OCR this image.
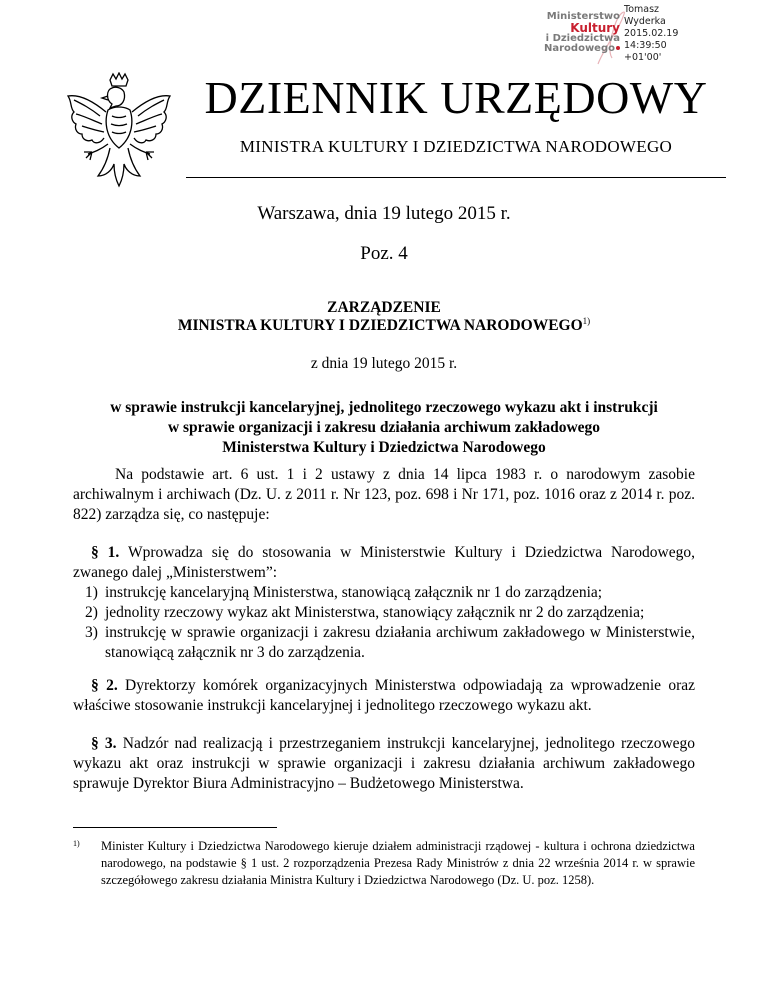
Ministerstwo
Kultury
i Dziedzictwa
Narodowego
Tomasz
Wyderka
2015.02.19
14:39:50
+01'00'
DZIENNIK URZĘDOWY
MINISTRA KULTURY I DZIEDZICTWA NARODOWEGO
Warszawa, dnia 19 lutego 2015 r.
Poz. 4
ZARZĄDZENIE
MINISTRA KULTURY I DZIEDZICTWA NARODOWEGO$^{1)}$
z dnia 19 lutego 2015 r.
w sprawie instrukcji kancelaryjnej, jednolitego rzeczowego wykazu akt i instrukcji
w sprawie organizacji i zakresu działania archiwum zakładowego
Ministerstwa Kultury i Dziedzictwa Narodowego
Na podstawie art. 6 ust. 1 i 2 ustawy z dnia 14 lipca 1983 r. o narodowym zasobie archiwalnym i archiwach (Dz. U. z 2011 r. Nr 123, poz. 698 i Nr 171, poz. 1016 oraz z 2014 r. poz. 822) zarządza się, co następuje:
§ 1. Wprowadza się do stosowania w Ministerstwie Kultury i Dziedzictwa Narodowego, zwanego dalej „Ministerstwem”:
1) instrukcję kancelaryjną Ministerstwa, stanowiącą załącznik nr 1 do zarządzenia;
2) jednolity rzeczowy wykaz akt Ministerstwa, stanowiący załącznik nr 2 do zarządzenia;
3) instrukcję w sprawie organizacji i zakresu działania archiwum zakładowego w Ministerstwie, stanowiącą załącznik nr 3 do zarządzenia.
§ 2. Dyrektorzy komórek organizacyjnych Ministerstwa odpowiadają za wprowadzenie oraz właściwe stosowanie instrukcji kancelaryjnej i jednolitego rzeczowego wykazu akt.
§ 3. Nadzór nad realizacją i przestrzeganiem instrukcji kancelaryjnej, jednolitego rzeczowego wykazu akt oraz instrukcji w sprawie organizacji i zakresu działania archiwum zakładowego sprawuje Dyrektor Biura Administracyjno – Budżetowego Ministerstwa.
1)	Minister Kultury i Dziedzictwa Narodowego kieruje działem administracji rządowej - kultura i ochrona dziedzictwa narodowego, na podstawie § 1 ust. 2 rozporządzenia Prezesa Rady Ministrów z dnia 22 września 2014 r. w sprawie szczegółowego zakresu działania Ministra Kultury i Dziedzictwa Narodowego (Dz. U. poz. 1258).
